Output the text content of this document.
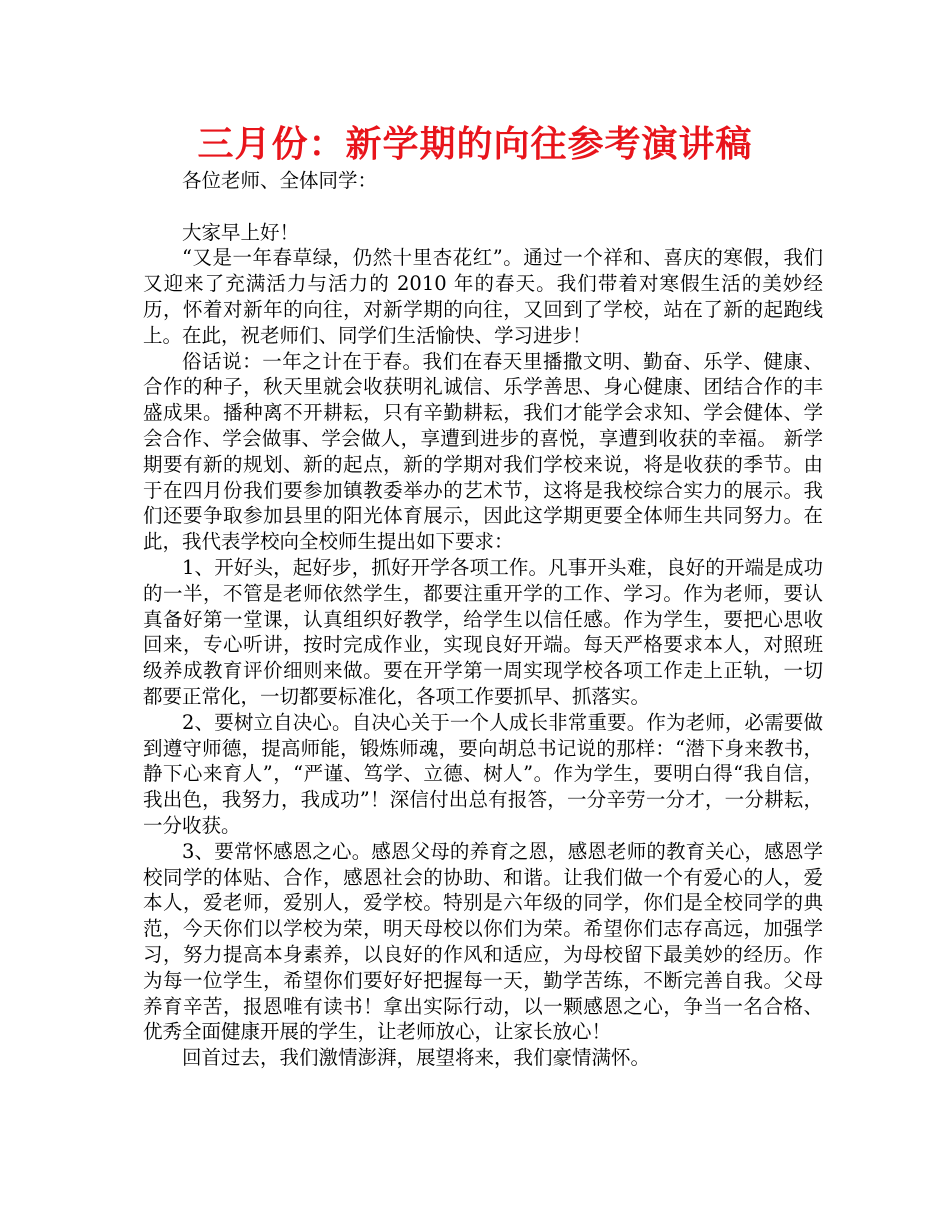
三月份：新学期的向往参考演讲稿

各位老师、全体同学：

大家早上好！

“又是一年春草绿，仍然十里杏花红”。通过一个祥和、喜庆的寒假，我们又迎来了充满活力与活力的 2010 年的春天。我们带着对寒假生活的美妙经历，怀着对新年的向往，对新学期的向往，又回到了学校，站在了新的起跑线上。在此，祝老师们、同学们生活愉快、学习进步！

俗话说：一年之计在于春。我们在春天里播撒文明、勤奋、乐学、健康、合作的种子，秋天里就会收获明礼诚信、乐学善思、身心健康、团结合作的丰盛成果。播种离不开耕耘，只有辛勤耕耘，我们才能学会求知、学会健体、学会合作、学会做事、学会做人，享遭到进步的喜悦，享遭到收获的幸福。 新学期要有新的规划、新的起点，新的学期对我们学校来说，将是收获的季节。由于在四月份我们要参加镇教委举办的艺术节，这将是我校综合实力的展示。我们还要争取参加县里的阳光体育展示，因此这学期更要全体师生共同努力。在此，我代表学校向全校师生提出如下要求：

1、开好头，起好步，抓好开学各项工作。凡事开头难，良好的开端是成功的一半，不管是老师依然学生，都要注重开学的工作、学习。作为老师，要认真备好第一堂课，认真组织好教学，给学生以信任感。作为学生，要把心思收回来，专心听讲，按时完成作业，实现良好开端。每天严格要求本人，对照班级养成教育评价细则来做。要在开学第一周实现学校各项工作走上正轨，一切都要正常化，一切都要标准化，各项工作要抓早、抓落实。

2、要树立自决心。自决心关于一个人成长非常重要。作为老师，必需要做到遵守师德，提高师能，锻炼师魂，要向胡总书记说的那样：“潜下身来教书，静下心来育人”，“严谨、笃学、立德、树人”。作为学生，要明白得“我自信，我出色，我努力，我成功”！深信付出总有报答，一分辛劳一分才，一分耕耘，一分收获。

3、要常怀感恩之心。感恩父母的养育之恩，感恩老师的教育关心，感恩学校同学的体贴、合作，感恩社会的协助、和谐。让我们做一个有爱心的人，爱本人，爱老师，爱别人，爱学校。特别是六年级的同学，你们是全校同学的典范，今天你们以学校为荣，明天母校以你们为荣。希望你们志存高远，加强学习，努力提高本身素养，以良好的作风和适应，为母校留下最美妙的经历。作为每一位学生，希望你们要好好把握每一天，勤学苦练，不断完善自我。父母养育辛苦，报恩唯有读书！拿出实际行动，以一颗感恩之心，争当一名合格、优秀全面健康开展的学生，让老师放心，让家长放心！

回首过去，我们激情澎湃，展望将来，我们豪情满怀。
